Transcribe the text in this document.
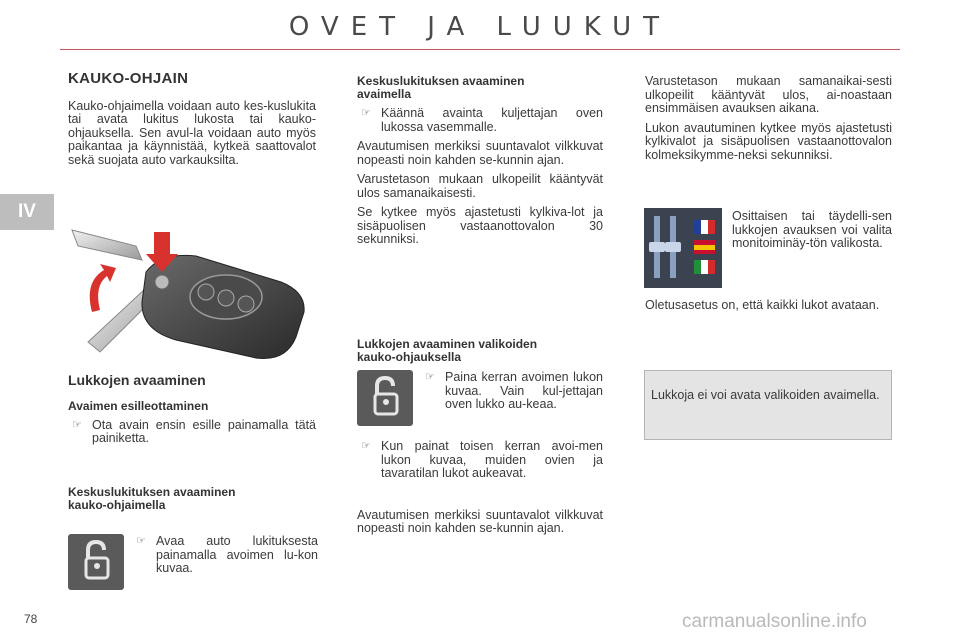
OVET JA LUUKUT
IV
78	carmanualsonline.info
KAUKO-OHJAIN

Kauko-ohjaimella voidaan auto kes-kuslukita tai avata lukitus lukosta tai kauko-ohjauksella. Sen avul-la voidaan auto myös paikantaa ja käynnistää, kytkeä saattovalot sekä suojata auto varkauksilta.

Lukkojen avaaminen
Avaimen esilleottaminen
☞ Ota avain ensin esille painamalla tätä painiketta.
Keskuslukituksen avaaminen
kauko-ohjaimella
☞ Avaa auto lukituksesta painamalla avoimen lu-kon kuvaa.
Keskuslukituksen avaaminen
avaimella
☞ Käännä avainta kuljettajan oven lukossa vasemmalle.

Avautumisen merkiksi suuntavalot vilkkuvat nopeasti noin kahden se-kunnin ajan.

Varustetason mukaan ulkopeilit kääntyvät ulos samanaikaisesti.

Se kytkee myös ajastetusti kylkiva-lot ja sisäpuolisen vastaanottovalon 30 sekunniksi.

Lukkojen avaaminen valikoiden
kauko-ohjauksella
☞ Paina kerran avoimen lukon kuvaa. Vain kul-jettajan oven lukko au-keaa.
☞ Kun painat toisen kerran avoi-men lukon kuvaa, muiden ovien ja tavaratilan lukot aukeavat.

Avautumisen merkiksi suuntavalot vilkkuvat nopeasti noin kahden se-kunnin ajan.

Varustetason mukaan samanaikai-sesti ulkopeilit kääntyvät ulos, ai-noastaan ensimmäisen avauksen aikana.

Lukon avautuminen kytkee myös ajastetusti kylkivalot ja sisäpuolisen vastaanottovalon kolmeksikymme-neksi sekunniksi.

Osittaisen tai täydelli-sen lukkojen avauksen voi valita monitoiminäy-tön valikosta.

Oletusasetus on, että kaikki lukot avataan.

Lukkoja ei voi avata valikoiden avaimella.
